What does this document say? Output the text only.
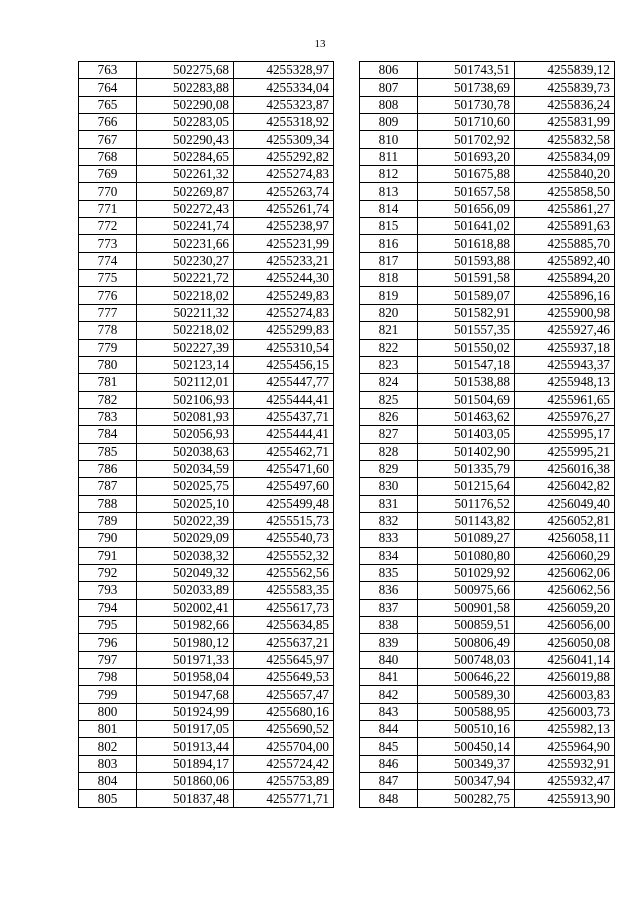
13
763	502275,68	4255328,97
764	502283,88	4255334,04
765	502290,08	4255323,87
766	502283,05	4255318,92
767	502290,43	4255309,34
768	502284,65	4255292,82
769	502261,32	4255274,83
770	502269,87	4255263,74
771	502272,43	4255261,74
772	502241,74	4255238,97
773	502231,66	4255231,99
774	502230,27	4255233,21
775	502221,72	4255244,30
776	502218,02	4255249,83
777	502211,32	4255274,83
778	502218,02	4255299,83
779	502227,39	4255310,54
780	502123,14	4255456,15
781	502112,01	4255447,77
782	502106,93	4255444,41
783	502081,93	4255437,71
784	502056,93	4255444,41
785	502038,63	4255462,71
786	502034,59	4255471,60
787	502025,75	4255497,60
788	502025,10	4255499,48
789	502022,39	4255515,73
790	502029,09	4255540,73
791	502038,32	4255552,32
792	502049,32	4255562,56
793	502033,89	4255583,35
794	502002,41	4255617,73
795	501982,66	4255634,85
796	501980,12	4255637,21
797	501971,33	4255645,97
798	501958,04	4255649,53
799	501947,68	4255657,47
800	501924,99	4255680,16
801	501917,05	4255690,52
802	501913,44	4255704,00
803	501894,17	4255724,42
804	501860,06	4255753,89
805	501837,48	4255771,71
806	501743,51	4255839,12
807	501738,69	4255839,73
808	501730,78	4255836,24
809	501710,60	4255831,99
810	501702,92	4255832,58
811	501693,20	4255834,09
812	501675,88	4255840,20
813	501657,58	4255858,50
814	501656,09	4255861,27
815	501641,02	4255891,63
816	501618,88	4255885,70
817	501593,88	4255892,40
818	501591,58	4255894,20
819	501589,07	4255896,16
820	501582,91	4255900,98
821	501557,35	4255927,46
822	501550,02	4255937,18
823	501547,18	4255943,37
824	501538,88	4255948,13
825	501504,69	4255961,65
826	501463,62	4255976,27
827	501403,05	4255995,17
828	501402,90	4255995,21
829	501335,79	4256016,38
830	501215,64	4256042,82
831	501176,52	4256049,40
832	501143,82	4256052,81
833	501089,27	4256058,11
834	501080,80	4256060,29
835	501029,92	4256062,06
836	500975,66	4256062,56
837	500901,58	4256059,20
838	500859,51	4256056,00
839	500806,49	4256050,08
840	500748,03	4256041,14
841	500646,22	4256019,88
842	500589,30	4256003,83
843	500588,95	4256003,73
844	500510,16	4255982,13
845	500450,14	4255964,90
846	500349,37	4255932,91
847	500347,94	4255932,47
848	500282,75	4255913,90
